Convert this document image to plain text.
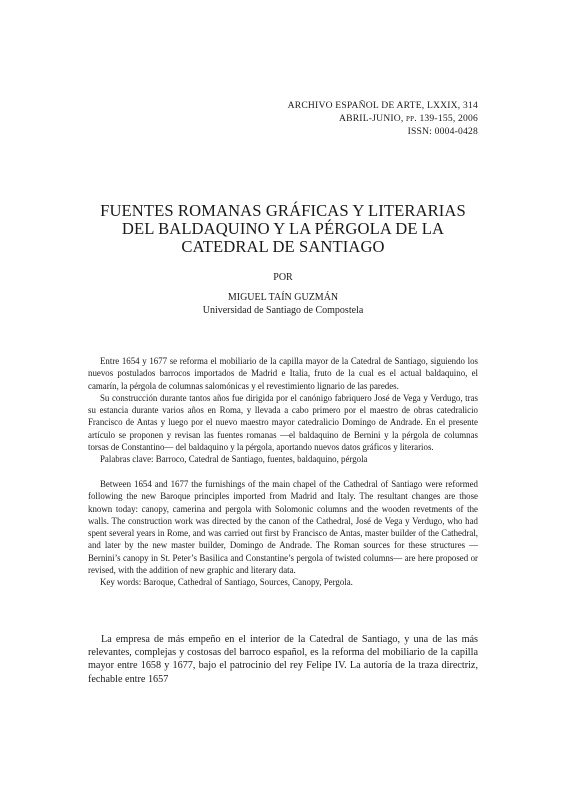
ARCHIVO ESPAÑOL DE ARTE, LXXIX, 314
ABRIL-JUNIO, pp. 139-155, 2006
ISSN: 0004-0428
FUENTES ROMANAS GRÁFICAS Y LITERARIAS
DEL BALDAQUINO Y LA PÉRGOLA DE LA
CATEDRAL DE SANTIAGO
POR
MIGUEL TAÍN GUZMÁN
Universidad de Santiago de Compostela

Entre 1654 y 1677 se reforma el mobiliario de la capilla mayor de la Catedral de Santiago, siguiendo los nuevos postulados barrocos importados de Madrid e Italia, fruto de la cual es el actual baldaquino, el camarín, la pérgola de columnas salomónicas y el revestimiento lignario de las paredes.

Su construcción durante tantos años fue dirigida por el canónigo fabriquero José de Vega y Verdugo, tras su estancia durante varios años en Roma, y llevada a cabo primero por el maestro de obras catedralicio Francisco de Antas y luego por el nuevo maestro mayor catedralicio Domingo de Andrade. En el presente artículo se proponen y revisan las fuentes romanas —el baldaquino de Bernini y la pérgola de columnas torsas de Constantino— del baldaquino y la pérgola, aportando nuevos datos gráficos y literarios.

Palabras clave: Barroco, Catedral de Santiago, fuentes, baldaquino, pérgola

Between 1654 and 1677 the furnishings of the main chapel of the Cathedral of Santiago were reformed following the new Baroque principles imported from Madrid and Italy. The resultant changes are those known today: canopy, camerina and pergola with Solomonic columns and the wooden revetments of the walls. The construction work was directed by the canon of the Cathedral, José de Vega y Verdugo, who had spent several years in Rome, and was carried out first by Francisco de Antas, master builder of the Cathedral, and later by the new master builder, Domingo de Andrade. The Roman sources for these structures —Bernini’s canopy in St. Peter’s Basilica and Constantine’s pergola of twisted columns— are here proposed or revised, with the addition of new graphic and literary data.

Key words: Baroque, Cathedral of Santiago, Sources, Canopy, Pergola.

La empresa de más empeño en el interior de la Catedral de Santiago, y una de las más relevantes, complejas y costosas del barroco español, es la reforma del mobiliario de la capilla mayor entre 1658 y 1677, bajo el patrocinio del rey Felipe IV. La autoría de la traza directriz, fechable entre 1657
